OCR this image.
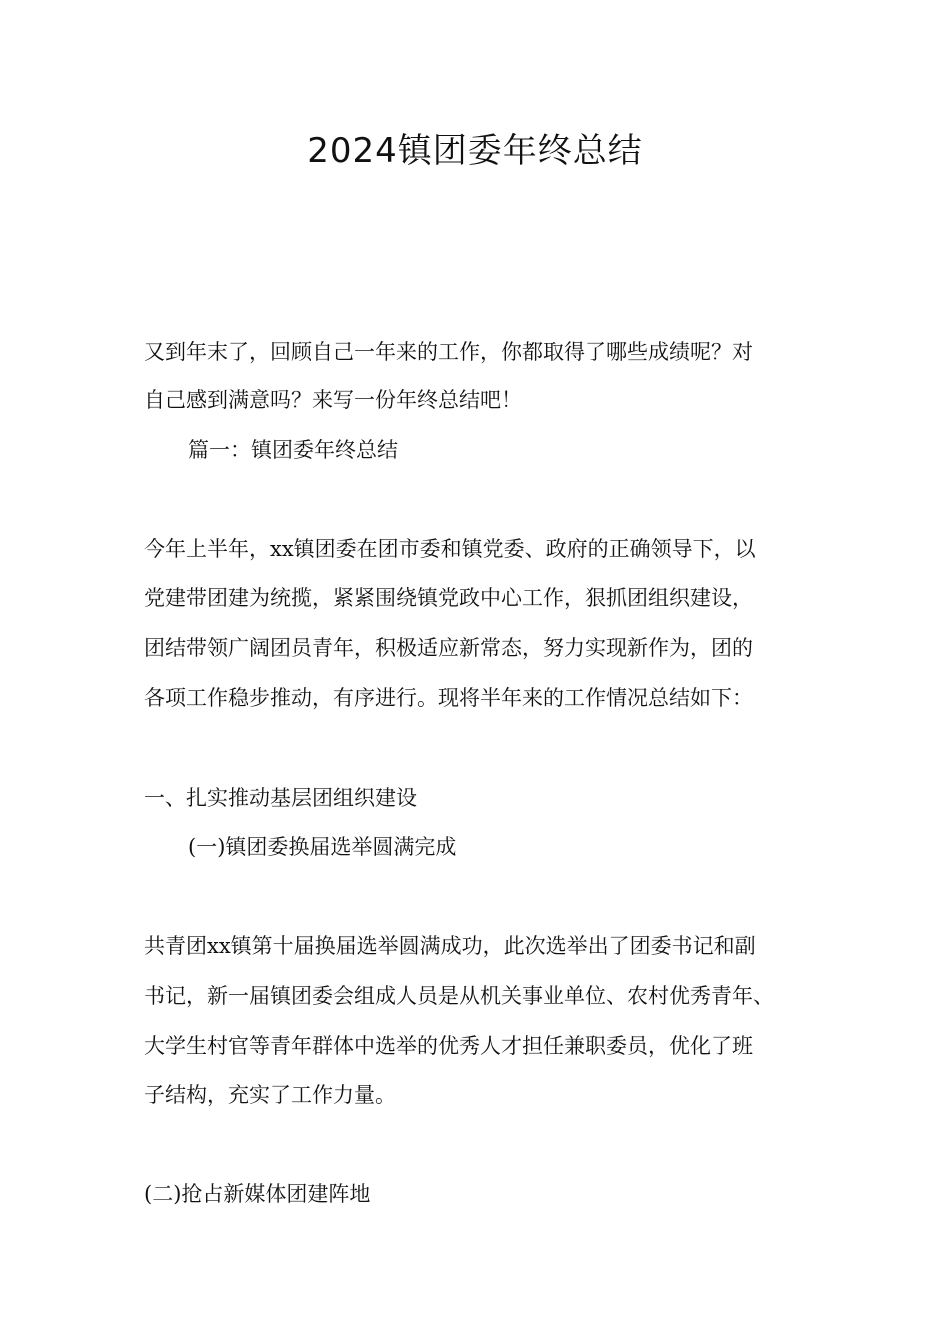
2024镇团委年终总结

又到年末了，回顾自己一年来的工作，你都取得了哪些成绩呢？对

自己感到满意吗？来写一份年终总结吧！

篇一：镇团委年终总结

今年上半年，xx镇团委在团市委和镇党委、政府的正确领导下，以

党建带团建为统揽，紧紧围绕镇党政中心工作，狠抓团组织建设，

团结带领广阔团员青年，积极适应新常态，努力实现新作为，团的

各项工作稳步推动，有序进行。现将半年来的工作情况总结如下：

一、扎实推动基层团组织建设

(一)镇团委换届选举圆满完成

共青团xx镇第十届换届选举圆满成功，此次选举出了团委书记和副

书记，新一届镇团委会组成人员是从机关事业单位、农村优秀青年、

大学生村官等青年群体中选举的优秀人才担任兼职委员，优化了班

子结构，充实了工作力量。

(二)抢占新媒体团建阵地
